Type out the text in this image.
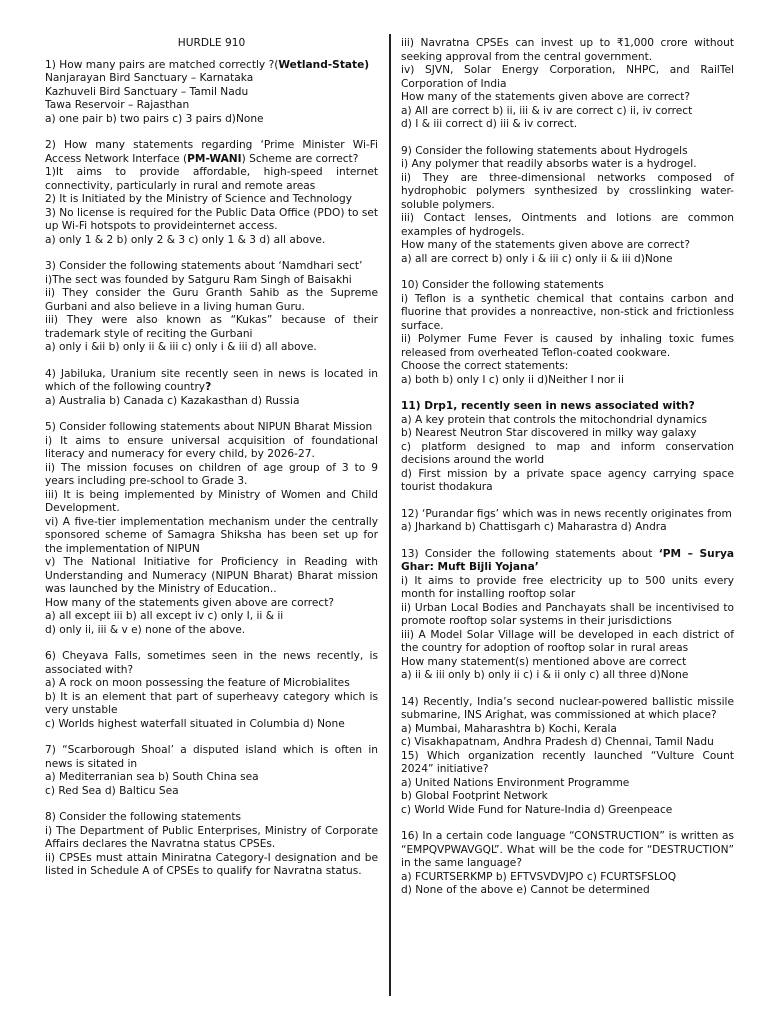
HURDLE 910

1) How many pairs are matched correctly ?(Wetland-State)

Nanjarayan Bird Sanctuary – Karnataka

Kazhuveli Bird Sanctuary – Tamil Nadu

Tawa Reservoir – Rajasthan

a) one pair b) two pairs c) 3 pairs d)None

2) How many statements regarding ‘Prime Minister Wi-Fi Access Network Interface (PM-WANI) Scheme are correct?

1)It aims to provide affordable, high-speed internet connectivity, particularly in rural and remote areas

2) It is Initiated by the Ministry of Science and Technology

3) No license is required for the Public Data Office (PDO) to set up Wi-Fi hotspots to provideinternet access.

a) only 1 & 2 b) only 2 & 3 c) only 1 & 3 d) all above.

3) Consider the following statements about ‘Namdhari sect’

i)The sect was founded by Satguru Ram Singh of Baisakhi

ii) They consider the Guru Granth Sahib as the Supreme Gurbani and also believe in a living human Guru.

iii) They were also known as “Kukas” because of their trademark style of reciting the Gurbani

a) only i &ii b) only ii & iii c) only i & iii d) all above.

4) Jabiluka, Uranium site recently seen in news is located in which of the following country?

a) Australia b) Canada c) Kazakasthan d) Russia

5) Consider following statements about NIPUN Bharat Mission

i) It aims to ensure universal acquisition of foundational literacy and numeracy for every child, by 2026-27.

ii) The mission focuses on children of age group of 3 to 9 years including pre-school to Grade 3.

iii) It is being implemented by Ministry of Women and Child Development.

vi) A five-tier implementation mechanism under the centrally sponsored scheme of Samagra Shiksha has been set up for the implementation of NIPUN

v) The National Initiative for Proficiency in Reading with Understanding and Numeracy (NIPUN Bharat) Bharat mission was launched by the Ministry of Education..

How many of the statements given above are correct?

a) all except iii b) all except iv c) only I, ii & ii

d) only ii, iii & v e) none of the above.

6) Cheyava Falls, sometimes seen in the news recently, is associated with?

a) A rock on moon possessing the feature of Microbialites

b) It is an element that part of superheavy category which is very unstable

c) Worlds highest waterfall situated in Columbia d) None

7) “Scarborough Shoal’ a disputed island which is often in news is sitated in

a) Mediterranian sea b) South China sea

c) Red Sea d) Balticu Sea

8) Consider the following statements

i) The Department of Public Enterprises, Ministry of Corporate Affairs declares the Navratna status CPSEs.

ii) CPSEs must attain Miniratna Category-I designation and be listed in Schedule A of CPSEs to qualify for Navratna status.

iii) Navratna CPSEs can invest up to ₹1,000 crore without seeking approval from the central government.

iv) SJVN, Solar Energy Corporation, NHPC, and RailTel Corporation of India

How many of the statements given above are correct?

a) All are correct b) ii, iii & iv are correct c) ii, iv correct

d) I & iii correct d) iii & iv correct.

9) Consider the following statements about Hydrogels

i) Any polymer that readily absorbs water is a hydrogel.

ii) They are three-dimensional networks composed of hydrophobic polymers synthesized by crosslinking water-soluble polymers.

iii) Contact lenses, Ointments and lotions are common examples of hydrogels.

How many of the statements given above are correct?

a) all are correct b) only i & iii c) only ii & iii d)None

10) Consider the following statements

i) Teflon is a synthetic chemical that contains carbon and fluorine that provides a nonreactive, non-stick and frictionless surface.

ii) Polymer Fume Fever is caused by inhaling toxic fumes released from overheated Teflon-coated cookware.

Choose the correct statements:

a) both b) only I c) only ii d)Neither I nor ii

11) Drp1, recently seen in news associated with?

a) A key protein that controls the mitochondrial dynamics

b) Nearest Neutron Star discovered in milky way galaxy

c) platform designed to map and inform conservation decisions around the world

d) First mission by a private space agency carrying space tourist thodakura

12) ‘Purandar figs’ which was in news recently originates from

a) Jharkand b) Chattisgarh c) Maharastra d) Andra

13) Consider the following statements about ‘PM – Surya Ghar: Muft Bijli Yojana’

i) It aims to provide free electricity up to 500 units every month for installing rooftop solar

ii) Urban Local Bodies and Panchayats shall be incentivised to promote rooftop solar systems in their jurisdictions

iii) A Model Solar Village will be developed in each district of the country for adoption of rooftop solar in rural areas

How many statement(s) mentioned above are correct

a) ii & iii only b) only ii c) i & ii only c) all three d)None

14) Recently, India’s second nuclear-powered ballistic missile submarine, INS Arighat, was commissioned at which place?

a) Mumbai, Maharashtra b) Kochi, Kerala

c) Visakhapatnam, Andhra Pradesh d) Chennai, Tamil Nadu

15) Which organization recently launched “Vulture Count 2024” initiative?

a) United Nations Environment Programme

b) Global Footprint Network

c) World Wide Fund for Nature-India d) Greenpeace

16) In a certain code language “CONSTRUCTION” is written as “EMPQVPWAVGQL”. What will be the code for “DESTRUCTION” in the same language?

a) FCURTSERKMP b) EFTVSVDVJPO c) FCURTSFSLOQ

d) None of the above e) Cannot be determined
